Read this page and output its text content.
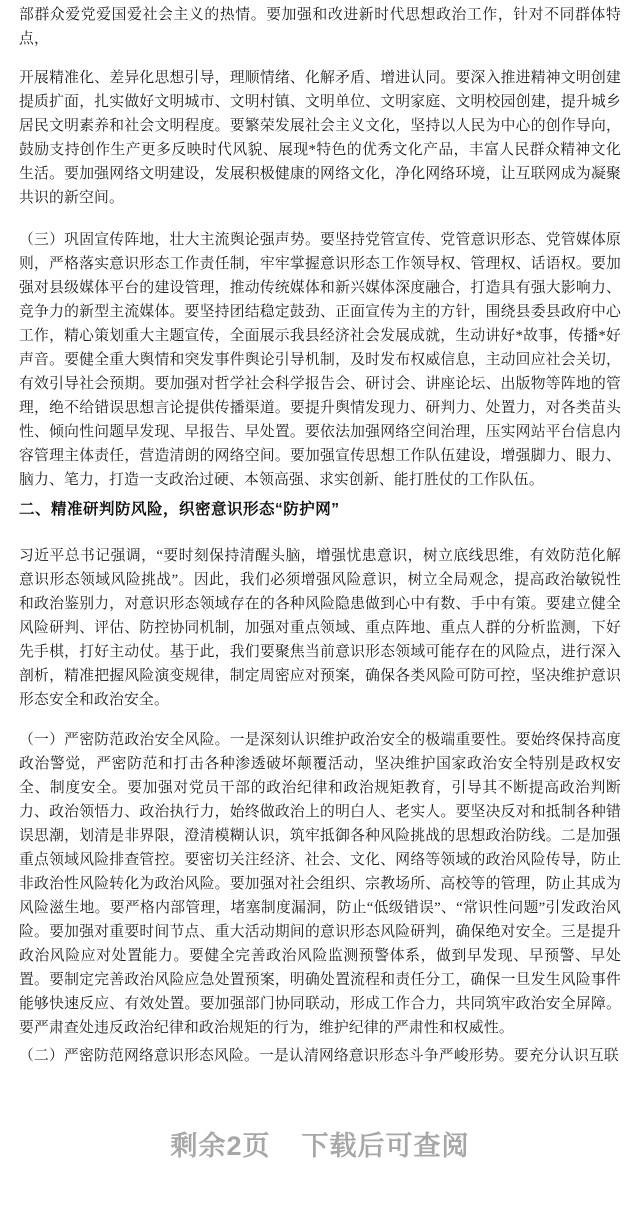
部群众爱党爱国爱社会主义的热情。要加强和改进新时代思想政治工作，针对不同群体特点，

开展精准化、差异化思想引导，理顺情绪、化解矛盾、增进认同。要深入推进精神文明创建提质扩面，扎实做好文明城市、文明村镇、文明单位、文明家庭、文明校园创建，提升城乡居民文明素养和社会文明程度。要繁荣发展社会主义文化，坚持以人民为中心的创作导向，鼓励支持创作生产更多反映时代风貌、展现*特色的优秀文化产品，丰富人民群众精神文化生活。要加强网络文明建设，发展积极健康的网络文化，净化网络环境，让互联网成为凝聚共识的新空间。

（三）巩固宣传阵地，壮大主流舆论强声势。要坚持党管宣传、党管意识形态、党管媒体原则，严格落实意识形态工作责任制，牢牢掌握意识形态工作领导权、管理权、话语权。要加强对县级媒体平台的建设管理，推动传统媒体和新兴媒体深度融合，打造具有强大影响力、竞争力的新型主流媒体。要坚持团结稳定鼓劲、正面宣传为主的方针，围绕县委县政府中心工作，精心策划重大主题宣传，全面展示我县经济社会发展成就，生动讲好*故事，传播*好声音。要健全重大舆情和突发事件舆论引导机制，及时发布权威信息，主动回应社会关切，有效引导社会预期。要加强对哲学社会科学报告会、研讨会、讲座论坛、出版物等阵地的管理，绝不给错误思想言论提供传播渠道。要提升舆情发现力、研判力、处置力，对各类苗头性、倾向性问题早发现、早报告、早处置。要依法加强网络空间治理，压实网站平台信息内容管理主体责任，营造清朗的网络空间。要加强宣传思想工作队伍建设，增强脚力、眼力、脑力、笔力，打造一支政治过硬、本领高强、求实创新、能打胜仗的工作队伍。

二、精准研判防风险，织密意识形态“防护网”

习近平总书记强调，“要时刻保持清醒头脑，增强忧患意识，树立底线思维，有效防范化解意识形态领域风险挑战”。因此，我们必须增强风险意识，树立全局观念，提高政治敏锐性和政治鉴别力，对意识形态领域存在的各种风险隐患做到心中有数、手中有策。要建立健全风险研判、评估、防控协同机制，加强对重点领域、重点阵地、重点人群的分析监测，下好先手棋，打好主动仗。基于此，我们要聚焦当前意识形态领域可能存在的风险点，进行深入剖析，精准把握风险演变规律，制定周密应对预案，确保各类风险可防可控，坚决维护意识形态安全和政治安全。

（一）严密防范政治安全风险。一是深刻认识维护政治安全的极端重要性。要始终保持高度政治警觉，严密防范和打击各种渗透破坏颠覆活动，坚决维护国家政治安全特别是政权安全、制度安全。要加强对党员干部的政治纪律和政治规矩教育，引导其不断提高政治判断力、政治领悟力、政治执行力，始终做政治上的明白人、老实人。要坚决反对和抵制各种错误思潮，划清是非界限，澄清模糊认识，筑牢抵御各种风险挑战的思想政治防线。二是加强重点领域风险排查管控。要密切关注经济、社会、文化、网络等领域的政治风险传导，防止非政治性风险转化为政治风险。要加强对社会组织、宗教场所、高校等的管理，防止其成为风险滋生地。要严格内部管理，堵塞制度漏洞，防止“低级错误”、“常识性问题”引发政治风险。要加强对重要时间节点、重大活动期间的意识形态风险研判，确保绝对安全。三是提升政治风险应对处置能力。要健全完善政治风险监测预警体系，做到早发现、早预警、早处置。要制定完善政治风险应急处置预案，明确处置流程和责任分工，确保一旦发生风险事件能够快速反应、有效处置。要加强部门协同联动，形成工作合力，共同筑牢政治安全屏障。要严肃查处违反政治纪律和政治规矩的行为，维护纪律的严肃性和权威性。

（二）严密防范网络意识形态风险。一是认清网络意识形态斗争严峻形势。要充分认识互联

剩余2页 下载后可查阅
